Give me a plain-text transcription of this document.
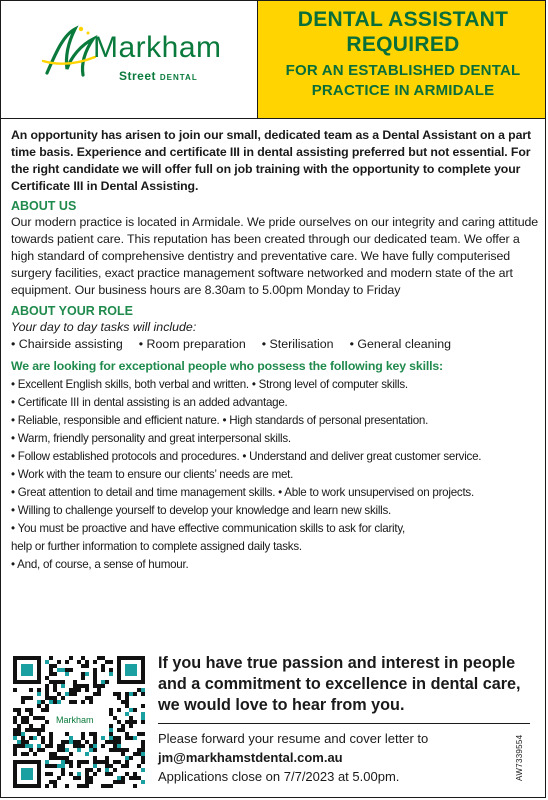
Markham
Street DENTAL

DENTAL ASSISTANT REQUIRED

FOR AN ESTABLISHED DENTAL PRACTICE IN ARMIDALE

An opportunity has arisen to join our small, dedicated team as a Dental Assistant on a part time basis. Experience and certificate III in dental assisting preferred but not essential. For the right candidate we will offer full on job training with the opportunity to complete your Certificate III in Dental Assisting.

ABOUT US

Our modern practice is located in Armidale. We pride ourselves on our integrity and caring attitude towards patient care. This reputation has been created through our dedicated team. We offer a high standard of comprehensive dentistry and preventative care. We have fully computerised surgery facilities, exact practice management software networked and modern state of the art equipment. Our business hours are 8.30am to 5.00pm Monday to Friday

ABOUT YOUR ROLE

Your day to day tasks will include:

• Chairside assisting • Room preparation • Sterilisation • General cleaning

We are looking for exceptional people who possess the following key skills:

• Excellent English skills, both verbal and written. • Strong level of computer skills.
• Certificate III in dental assisting is an added advantage.
• Reliable, responsible and efficient nature. • High standards of personal presentation.
• Warm, friendly personality and great interpersonal skills.
• Follow established protocols and procedures. • Understand and deliver great customer service.
• Work with the team to ensure our clients’ needs are met.
• Great attention to detail and time management skills. • Able to work unsupervised on projects.
• Willing to challenge yourself to develop your knowledge and learn new skills.
• You must be proactive and have effective communication skills to ask for clarity,
help or further information to complete assigned daily tasks.
• And, of course, a sense of humour.
Markham

If you have true passion and interest in people and a commitment to excellence in dental care, we would love to hear from you.

Please forward your resume and cover letter to
jm@markhamstdental.com.au
Applications close on 7/7/2023 at 5.00pm.	AW7339554
